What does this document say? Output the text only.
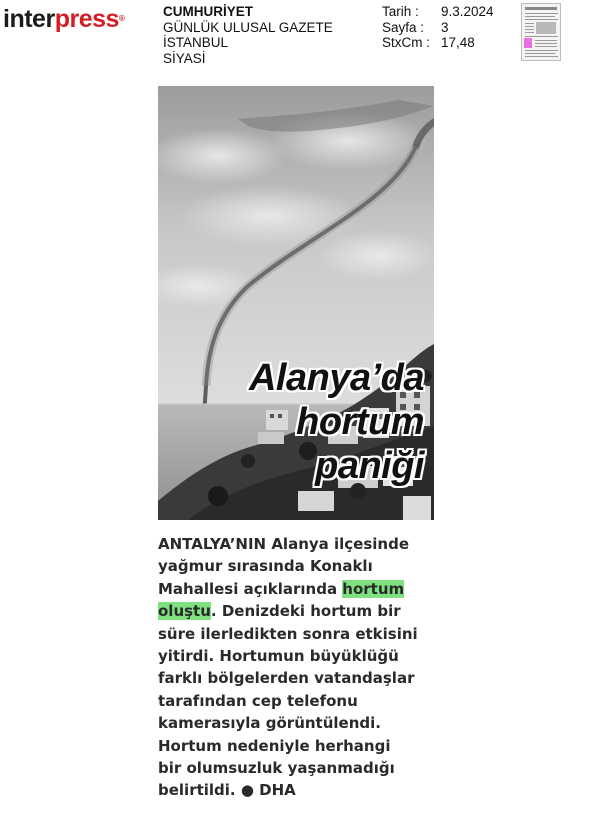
interpress®	CUMHURİYET
GÜNLÜK ULUSAL GAZETE
İSTANBUL
SİYASİ
Tarih :	9.3.2024
Sayfa :	3
StxCm : 17,48
Alanya’da
hortum
paniği
ANTALYA’NIN Alanya ilçesinde
yağmur sırasında Konaklı
Mahallesi açıklarında hortum
oluştu. Denizdeki hortum bir
süre ilerledikten sonra etkisini
yitirdi. Hortumun büyüklüğü
farklı bölgelerden vatandaşlar
tarafından cep telefonu
kamerasıyla görüntülendi.
Hortum nedeniyle herhangi
bir olumsuzluk yaşanmadığı
belirtildi. ● DHA
